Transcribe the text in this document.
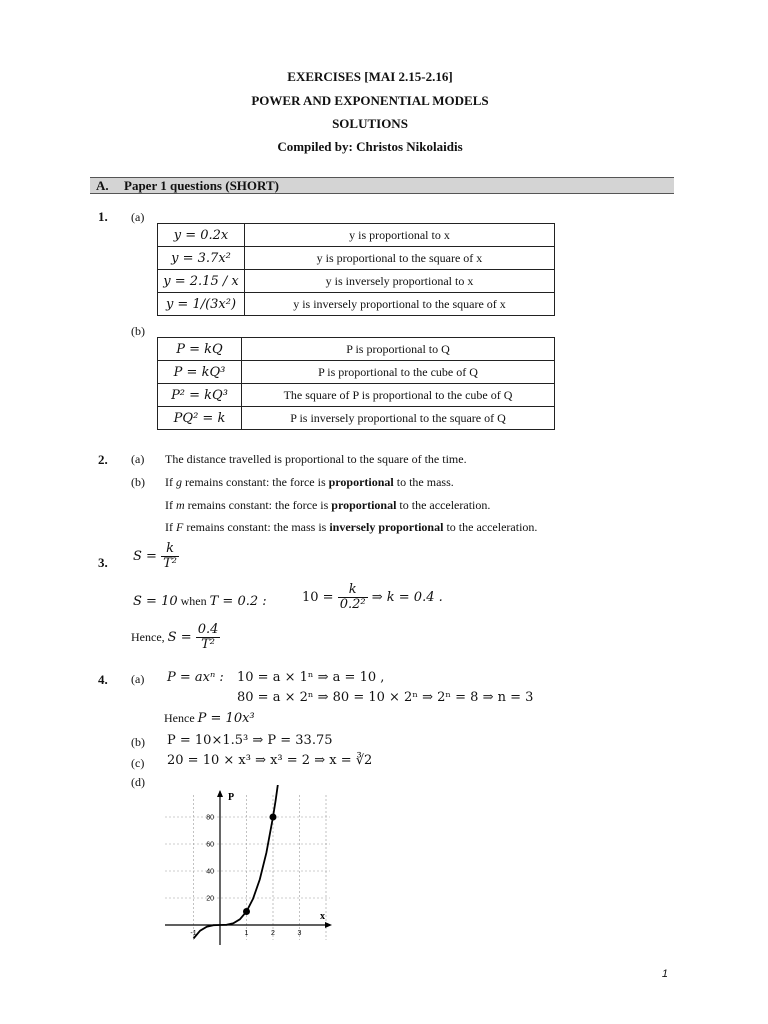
EXERCISES [MAI 2.15-2.16]
POWER AND EXPONENTIAL MODELS
SOLUTIONS
Compiled by: Christos Nikolaidis
A. Paper 1 questions (SHORT)
1. (a)
y = 0.2x	y is proportional to x
y = 3.7x²	y is proportional to the square of x
y = 2.15 / x	y is inversely proportional to x
y = 1/(3x²)	y is inversely proportional to the square of x
(b)
P = kQ	P is proportional to Q
P = kQ³	P is proportional to the cube of Q
P² = kQ³	The square of P is proportional to the cube of Q
PQ² = k	P is inversely proportional to the square of Q
2. (a) The distance travelled is proportional to the square of the time.
(b) If g remains constant: the force is proportional to the mass.
If m remains constant: the force is proportional to the acceleration.
If F remains constant: the mass is inversely proportional to the acceleration.
3. $S = \frac{k}{\text{T²}}$
S = 10 when T = 0.2 :	$10 = \frac{k}{\text{0.2²}}$ ⇒ k = 0.4 .
Hence, $S = \frac{0.4}{\text{T²}}$
4. (a) P = axⁿ : 10 = a × 1ⁿ ⇒ a = 10 ,
80 = a × 2ⁿ ⇒ 80 = 10 × 2ⁿ ⇒ 2ⁿ = 8 ⇒ n = 3
Hence P = 10x³
(b) P = 10×1.5³ ⇒ P = 33.75
(c) 20 = 10 × x³ ⇒ x³ = 2 ⇒ x = ∛2
(d)
P
x
-1	1	2	3
20
40
60
80
1
